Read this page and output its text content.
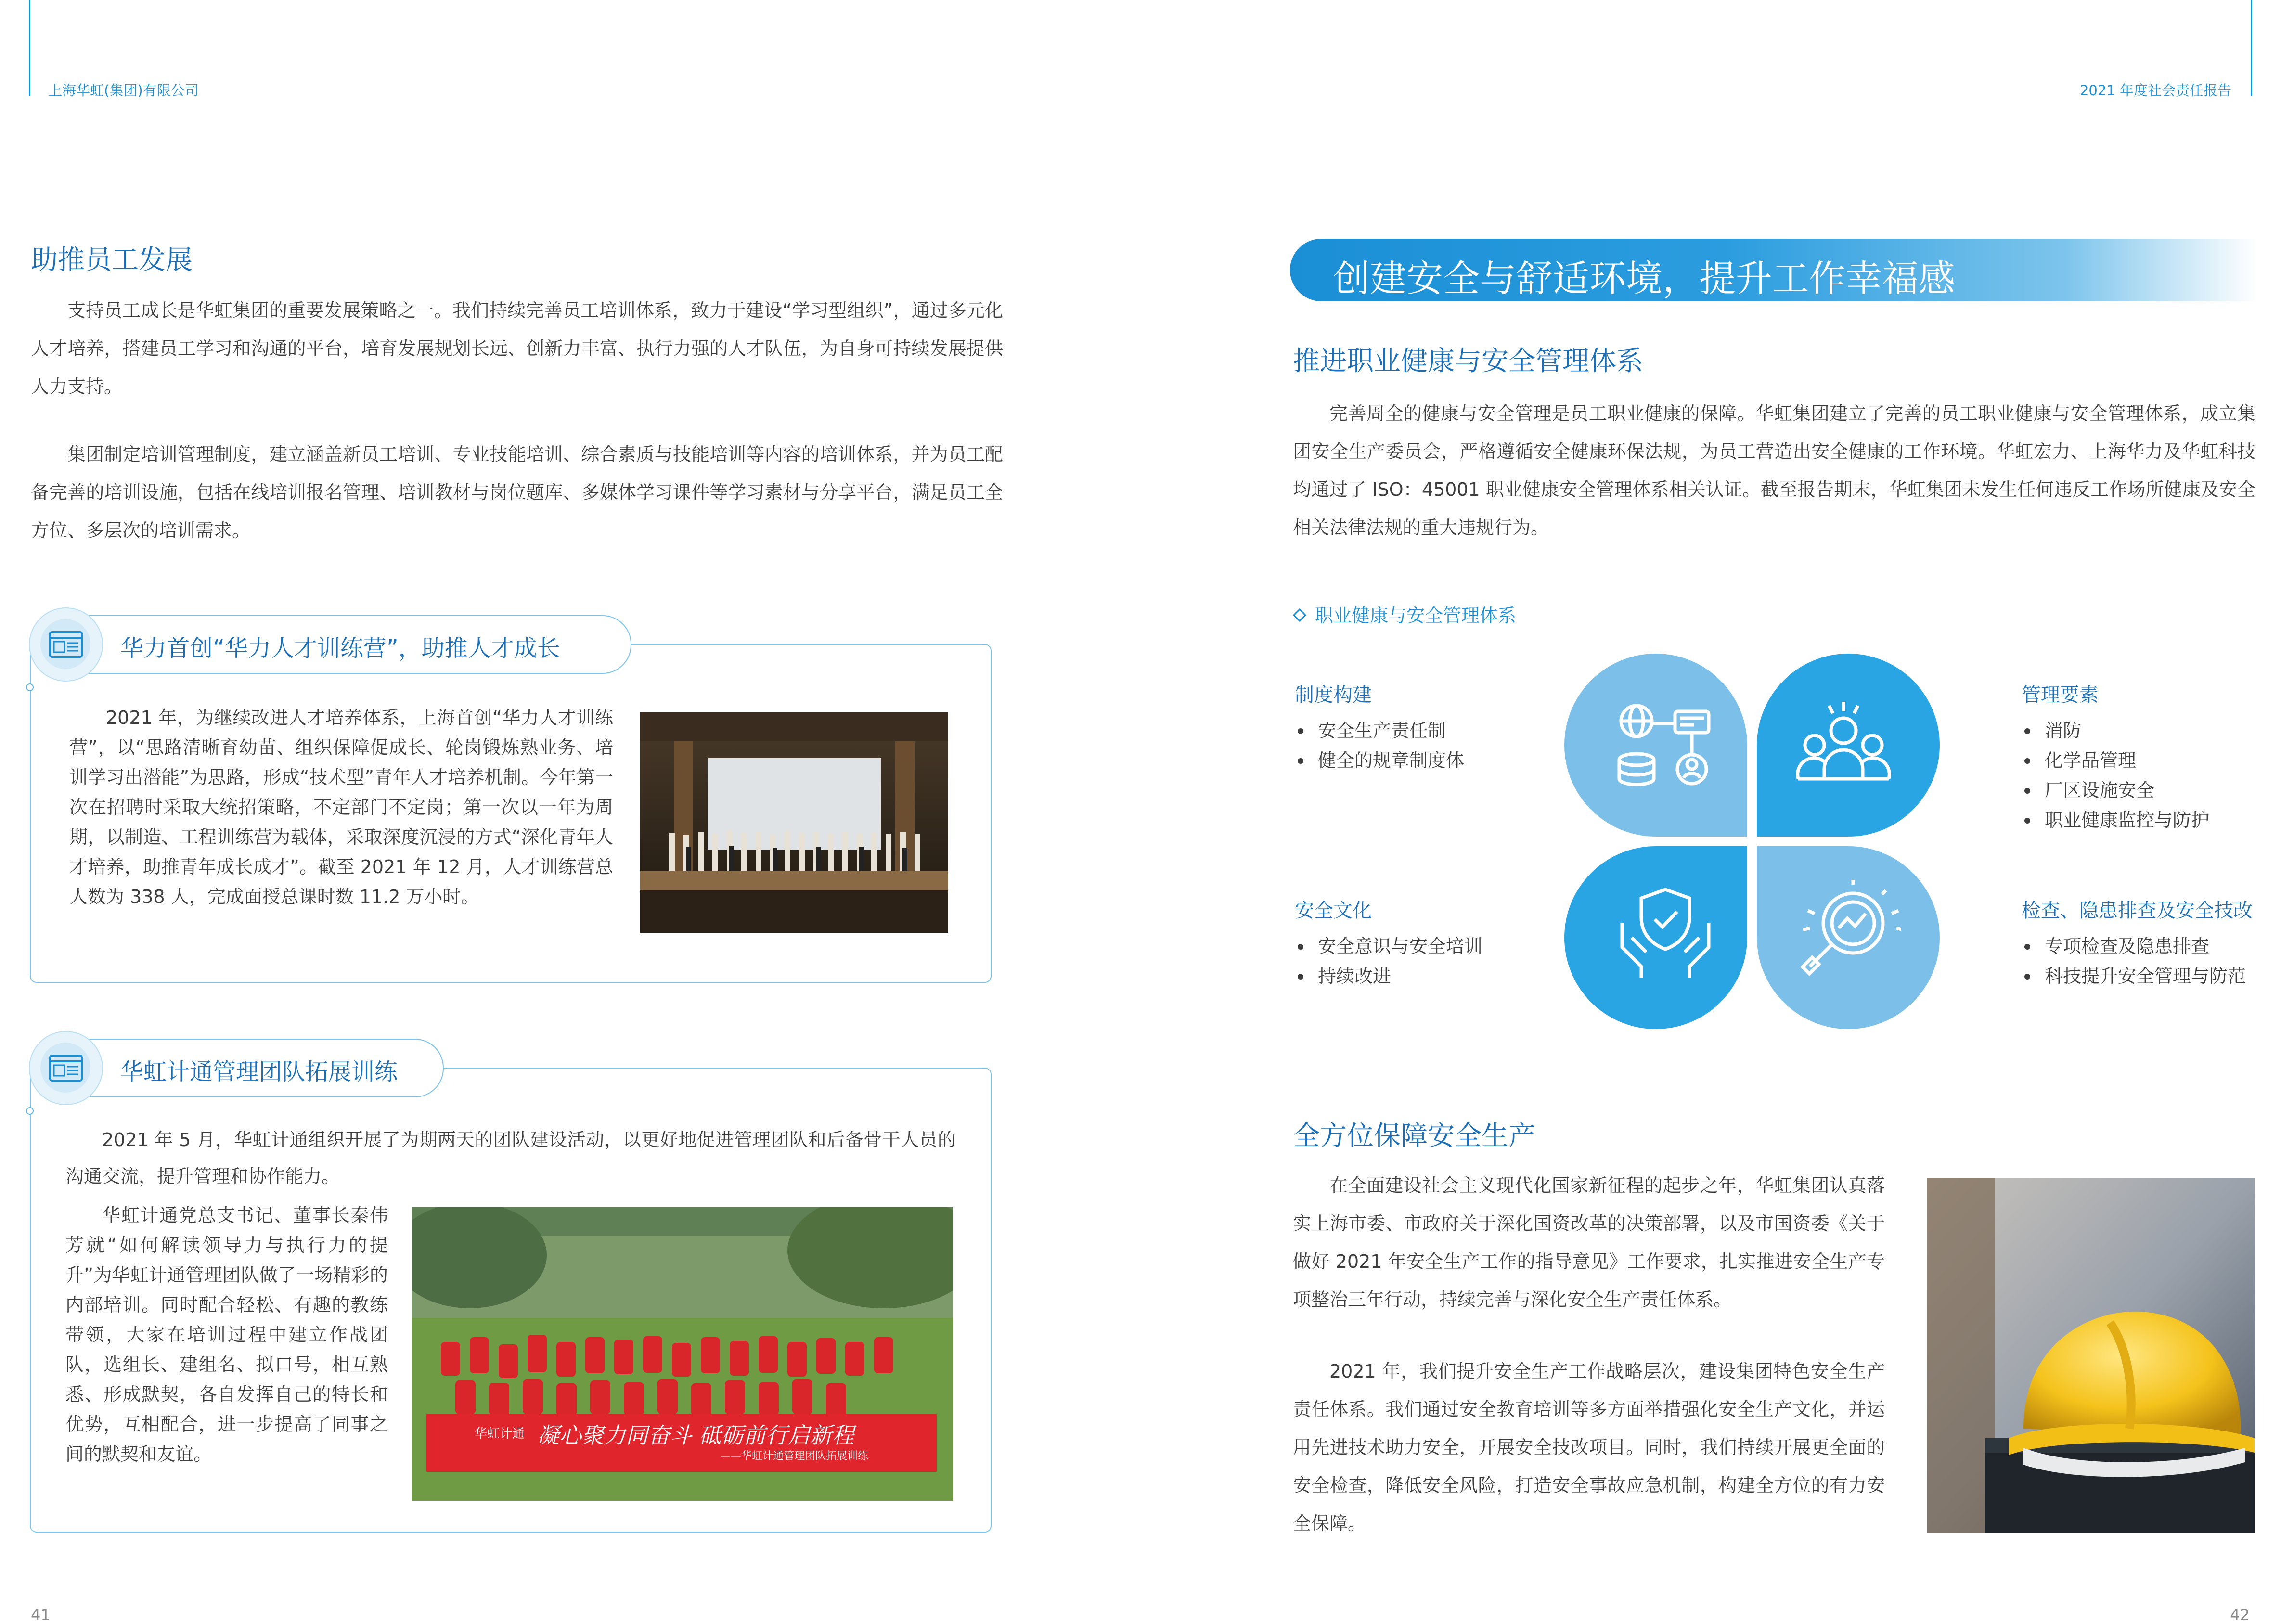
上海华虹(集团)有限公司	2021 年度社会责任报告
助推员工发展

支持员工成长是华虹集团的重要发展策略之一。我们持续完善员工培训体系，致力于建设“学习型组织”，通过多元化人才培养，搭建员工学习和沟通的平台，培育发展规划长远、创新力丰富、执行力强的人才队伍，为自身可持续发展提供人力支持。

集团制定培训管理制度，建立涵盖新员工培训、专业技能培训、综合素质与技能培训等内容的培训体系，并为员工配备完善的培训设施，包括在线培训报名管理、培训教材与岗位题库、多媒体学习课件等学习素材与分享平台，满足员工全方位、多层次的培训需求。

华力首创“华力人才训练营”，助推人才成长

2021 年，为继续改进人才培养体系，上海首创“华力人才训练营”，以“思路清晰育幼苗、组织保障促成长、轮岗锻炼熟业务、培训学习出潜能”为思路，形成“技术型”青年人才培养机制。今年第一次在招聘时采取大统招策略，不定部门不定岗；第一次以一年为周期，以制造、工程训练营为载体，采取深度沉浸的方式“深化青年人才培养，助推青年成长成才”。截至 2021 年 12 月，人才训练营总人数为 338 人，完成面授总课时数 11.2 万小时。

华虹计通管理团队拓展训练

2021 年 5 月，华虹计通组织开展了为期两天的团队建设活动，以更好地促进管理团队和后备骨干人员的沟通交流，提升管理和协作能力。

华虹计通党总支书记、董事长秦伟芳就“如何解读领导力与执行力的提升”为华虹计通管理团队做了一场精彩的内部培训。同时配合轻松、有趣的教练带领，大家在培训过程中建立作战团队，选组长、建组名、拟口号，相互熟悉、形成默契，各自发挥自己的特长和优势，互相配合，进一步提高了同事之间的默契和友谊。

华虹计通 凝心聚力同奋斗 砥砺前行启新程
——华虹计通管理团队拓展训练
41
创建安全与舒适环境，提升工作幸福感
推进职业健康与安全管理体系

完善周全的健康与安全管理是员工职业健康的保障。华虹集团建立了完善的员工职业健康与安全管理体系，成立集团安全生产委员会，严格遵循安全健康环保法规，为员工营造出安全健康的工作环境。华虹宏力、上海华力及华虹科技均通过了 ISO：45001 职业健康安全管理体系相关认证。截至报告期末，华虹集团未发生任何违反工作场所健康及安全相关法律法规的重大违规行为。

职业健康与安全管理体系
制度构建
安全生产责任制
健全的规章制度体
管理要素
消防
化学品管理
厂区设施安全
职业健康监控与防护
安全文化
安全意识与安全培训
持续改进
检查、隐患排查及安全技改
专项检查及隐患排查
科技提升安全管理与防范
全方位保障安全生产

在全面建设社会主义现代化国家新征程的起步之年，华虹集团认真落实上海市委、市政府关于深化国资改革的决策部署，以及市国资委《关于做好 2021 年安全生产工作的指导意见》工作要求，扎实推进安全生产专项整治三年行动，持续完善与深化安全生产责任体系。

2021 年，我们提升安全生产工作战略层次，建设集团特色安全生产责任体系。我们通过安全教育培训等多方面举措强化安全生产文化，并运用先进技术助力安全，开展安全技改项目。同时，我们持续开展更全面的安全检查，降低安全风险，打造安全事故应急机制，构建全方位的有力安全保障。

42
